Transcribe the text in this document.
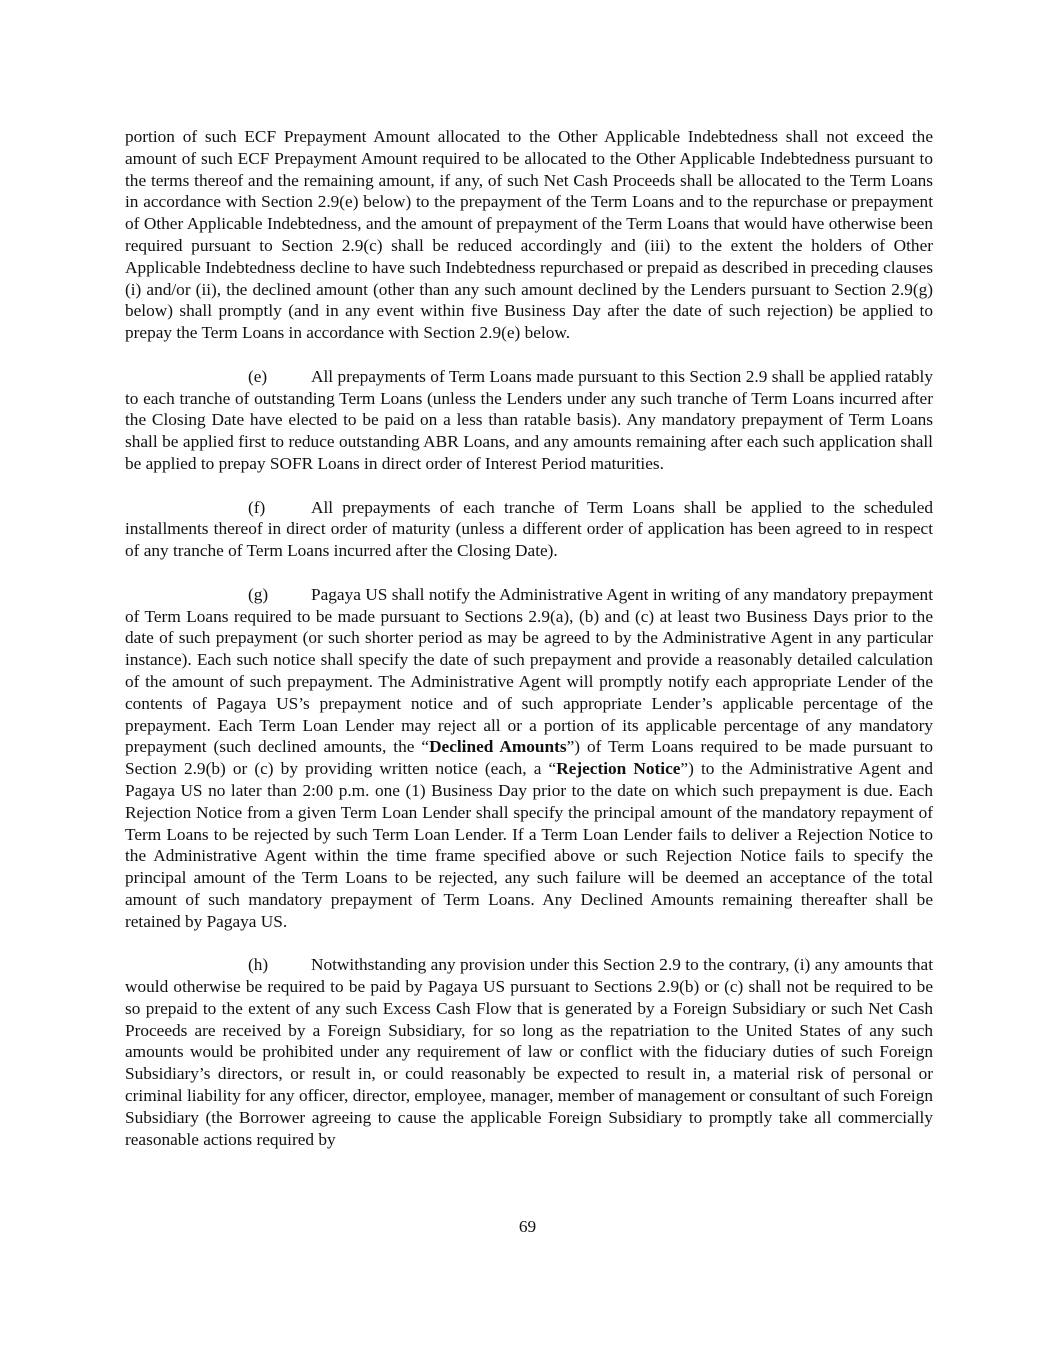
portion of such ECF Prepayment Amount allocated to the Other Applicable Indebtedness shall not exceed the amount of such ECF Prepayment Amount required to be allocated to the Other Applicable Indebtedness pursuant to the terms thereof and the remaining amount, if any, of such Net Cash Proceeds shall be allocated to the Term Loans in accordance with Section 2.9(e) below) to the prepayment of the Term Loans and to the repurchase or prepayment of Other Applicable Indebtedness, and the amount of prepayment of the Term Loans that would have otherwise been required pursuant to Section 2.9(c) shall be reduced accordingly and (iii) to the extent the holders of Other Applicable Indebtedness decline to have such Indebtedness repurchased or prepaid as described in preceding clauses (i) and/or (ii), the declined amount (other than any such amount declined by the Lenders pursuant to Section 2.9(g) below) shall promptly (and in any event within five Business Day after the date of such rejection) be applied to prepay the Term Loans in accordance with Section 2.9(e) below.

(e)	All prepayments of Term Loans made pursuant to this Section 2.9 shall be applied ratably to each tranche of outstanding Term Loans (unless the Lenders under any such tranche of Term Loans incurred after the Closing Date have elected to be paid on a less than ratable basis). Any mandatory prepayment of Term Loans shall be applied first to reduce outstanding ABR Loans, and any amounts remaining after each such application shall be applied to prepay SOFR Loans in direct order of Interest Period maturities.

(f)	All prepayments of each tranche of Term Loans shall be applied to the scheduled installments thereof in direct order of maturity (unless a different order of application has been agreed to in respect of any tranche of Term Loans incurred after the Closing Date).

(g) Pagaya US shall notify the Administrative Agent in writing of any mandatory prepayment of Term Loans required to be made pursuant to Sections 2.9(a), (b) and (c) at least two Business Days prior to the date of such prepayment (or such shorter period as may be agreed to by the Administrative Agent in any particular instance). Each such notice shall specify the date of such prepayment and provide a reasonably detailed calculation of the amount of such prepayment. The Administrative Agent will promptly notify each appropriate Lender of the contents of Pagaya US’s prepayment notice and of such appropriate Lender’s applicable percentage of the prepayment. Each Term Loan Lender may reject all or a portion of its applicable percentage of any mandatory prepayment (such declined amounts, the “Declined Amounts”) of Term Loans required to be made pursuant to Section 2.9(b) or (c) by providing written notice (each, a “Rejection Notice”) to the Administrative Agent and Pagaya US no later than 2:00 p.m. one (1) Business Day prior to the date on which such prepayment is due. Each Rejection Notice from a given Term Loan Lender shall specify the principal amount of the mandatory repayment of Term Loans to be rejected by such Term Loan Lender. If a Term Loan Lender fails to deliver a Rejection Notice to the Administrative Agent within the time frame specified above or such Rejection Notice fails to specify the principal amount of the Term Loans to be rejected, any such failure will be deemed an acceptance of the total amount of such mandatory prepayment of Term Loans. Any Declined Amounts remaining thereafter shall be retained by Pagaya US.

(h) Notwithstanding any provision under this Section 2.9 to the contrary, (i) any amounts that would otherwise be required to be paid by Pagaya US pursuant to Sections 2.9(b) or (c) shall not be required to be so prepaid to the extent of any such Excess Cash Flow that is generated by a Foreign Subsidiary or such Net Cash Proceeds are received by a Foreign Subsidiary, for so long as the repatriation to the United States of any such amounts would be prohibited under any requirement of law or conflict with the fiduciary duties of such Foreign Subsidiary’s directors, or result in, or could reasonably be expected to result in, a material risk of personal or criminal liability for any officer, director, employee, manager, member of management or consultant of such Foreign Subsidiary (the Borrower agreeing to cause the applicable Foreign Subsidiary to promptly take all commercially reasonable actions required by

69
